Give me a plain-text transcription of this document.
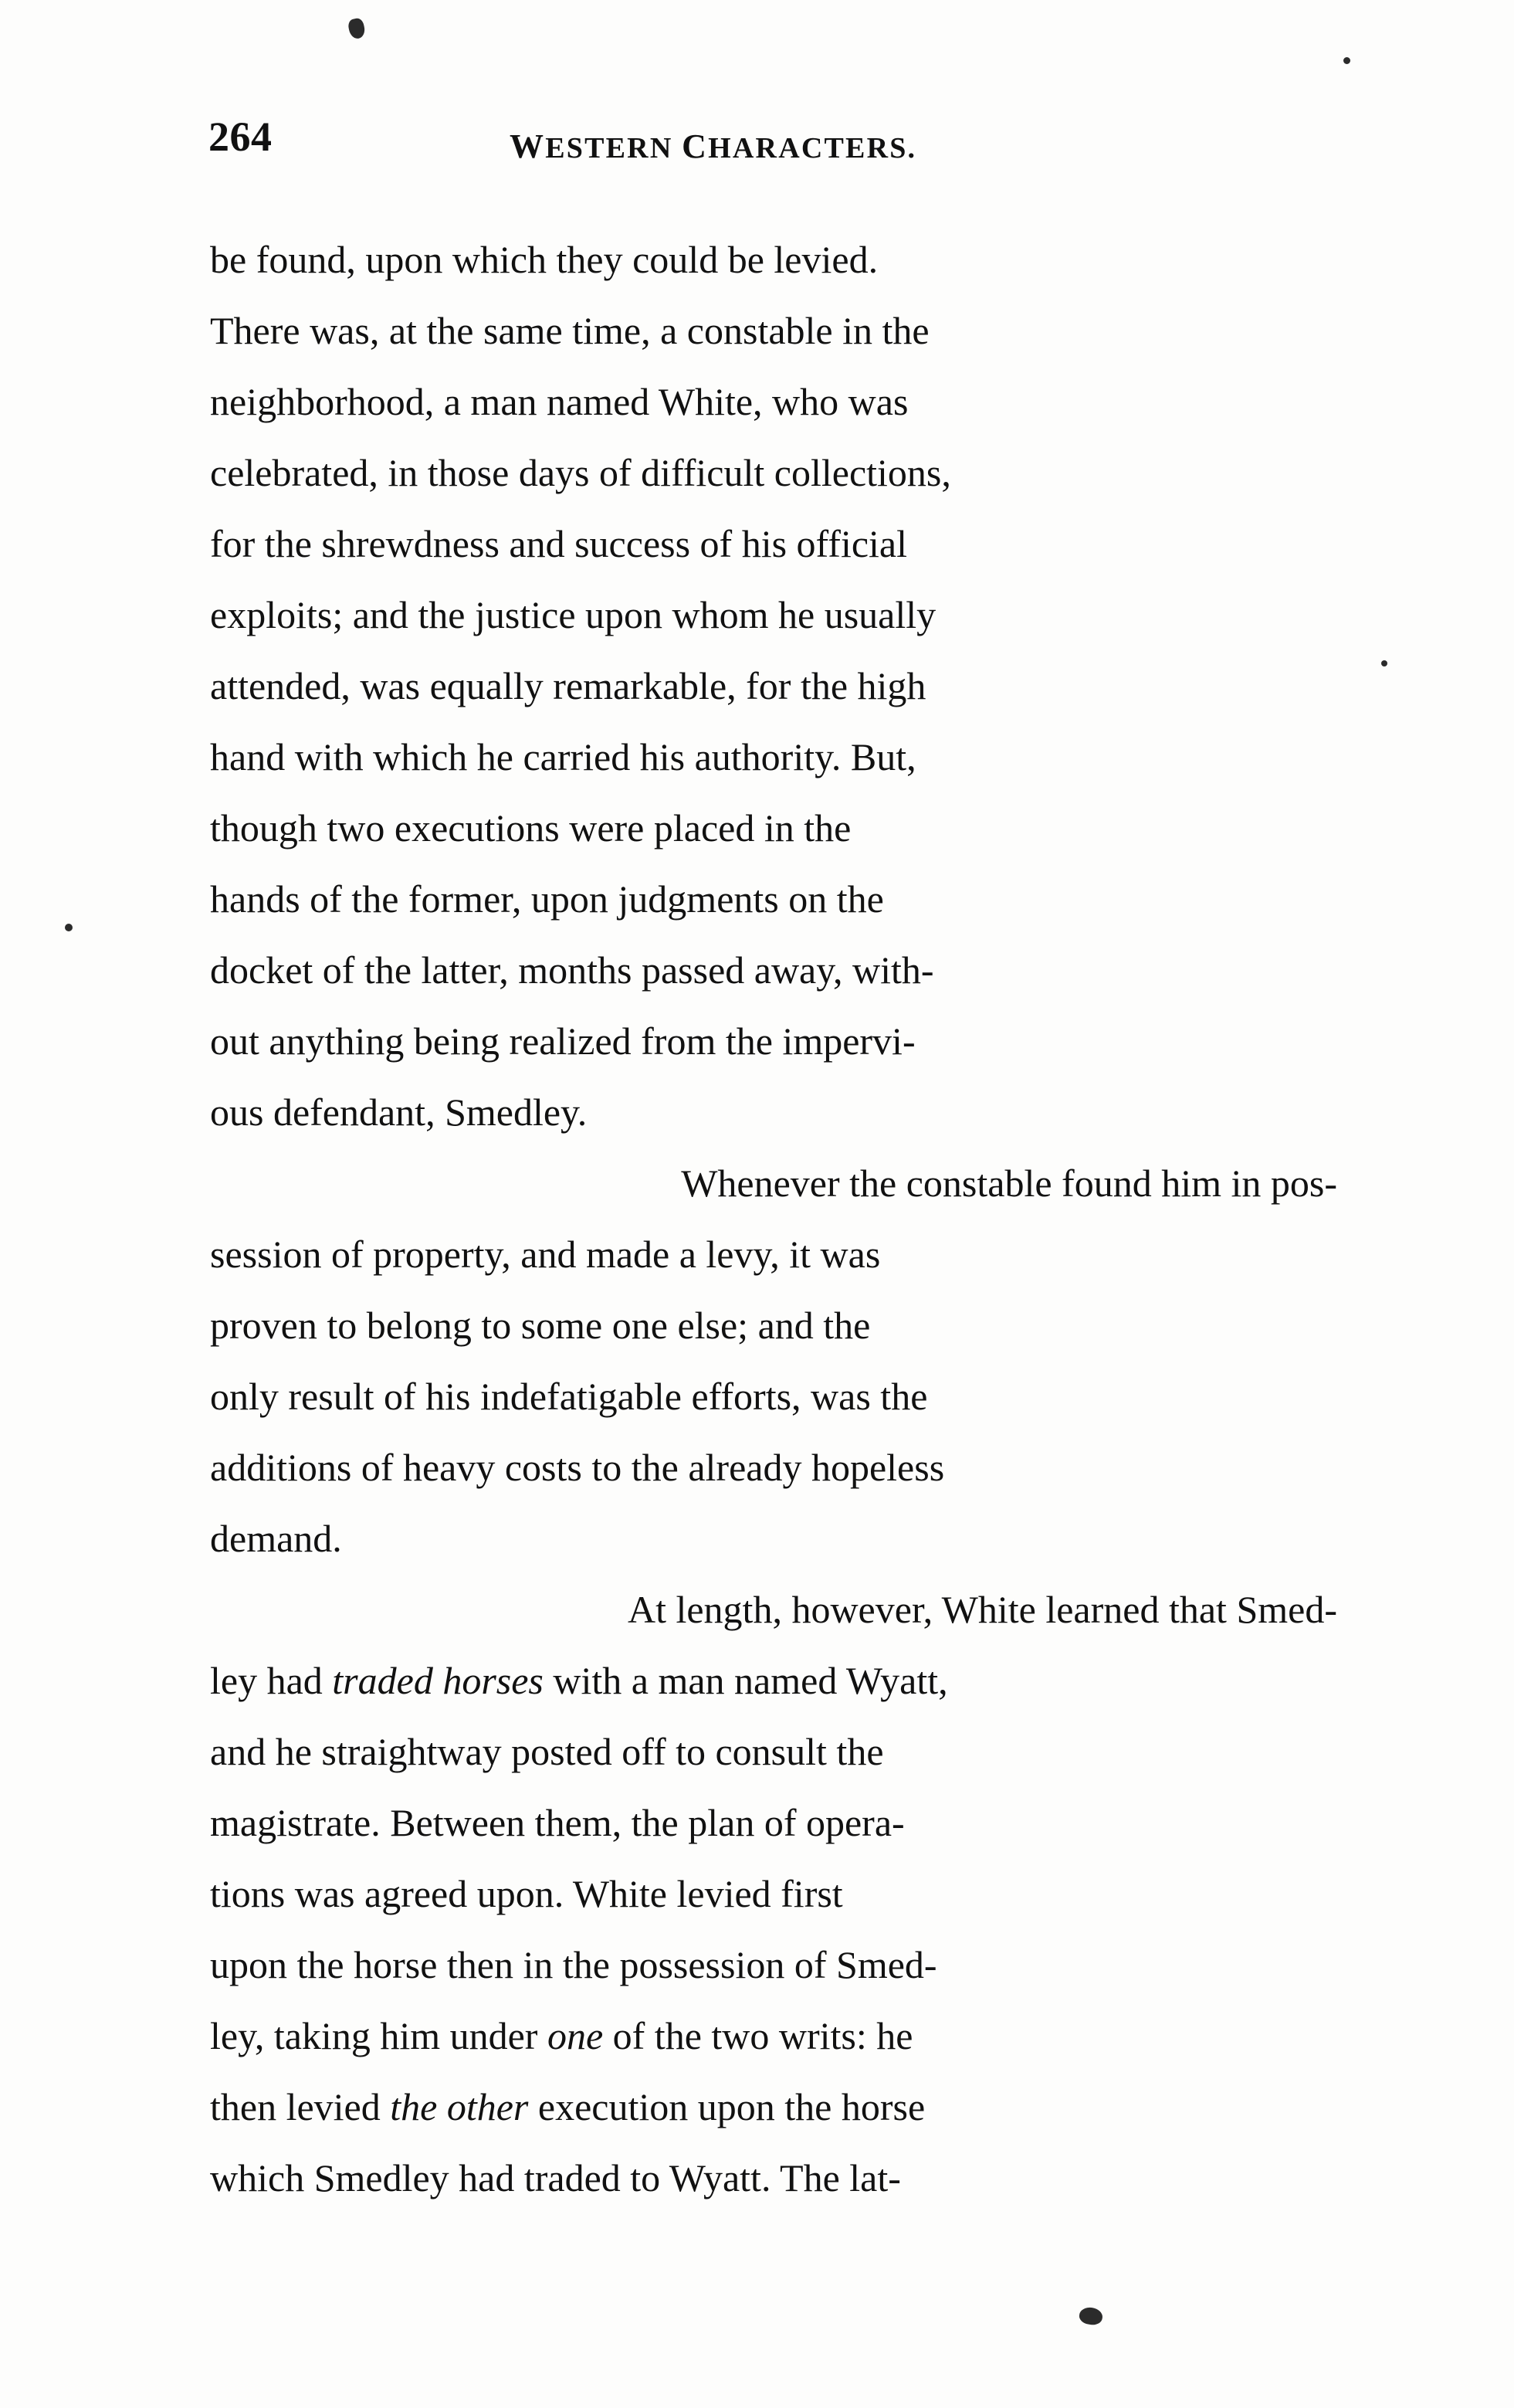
264	WESTERN CHARACTERS.

be found, upon which they could be levied.
There was, at the same time, a constable in the
neighborhood, a man named White, who was
celebrated, in those days of difficult collections,
for the shrewdness and success of his official
exploits; and the justice upon whom he usually
attended, was equally remarkable, for the high
hand with which he carried his authority. But,
though two executions were placed in the
hands of the former, upon judgments on the
docket of the latter, months passed away, with-
out anything being realized from the impervi-
ous defendant, Smedley.

Whenever the constable found him in pos-
session of property, and made a levy, it was
proven to belong to some one else; and the
only result of his indefatigable efforts, was the
additions of heavy costs to the already hopeless
demand.

At length, however, White learned that Smed-
ley had traded horses with a man named Wyatt,
and he straightway posted off to consult the
magistrate. Between them, the plan of opera-
tions was agreed upon. White levied first
upon the horse then in the possession of Smed-
ley, taking him under one of the two writs: he
then levied the other execution upon the horse
which Smedley had traded to Wyatt. The lat-
